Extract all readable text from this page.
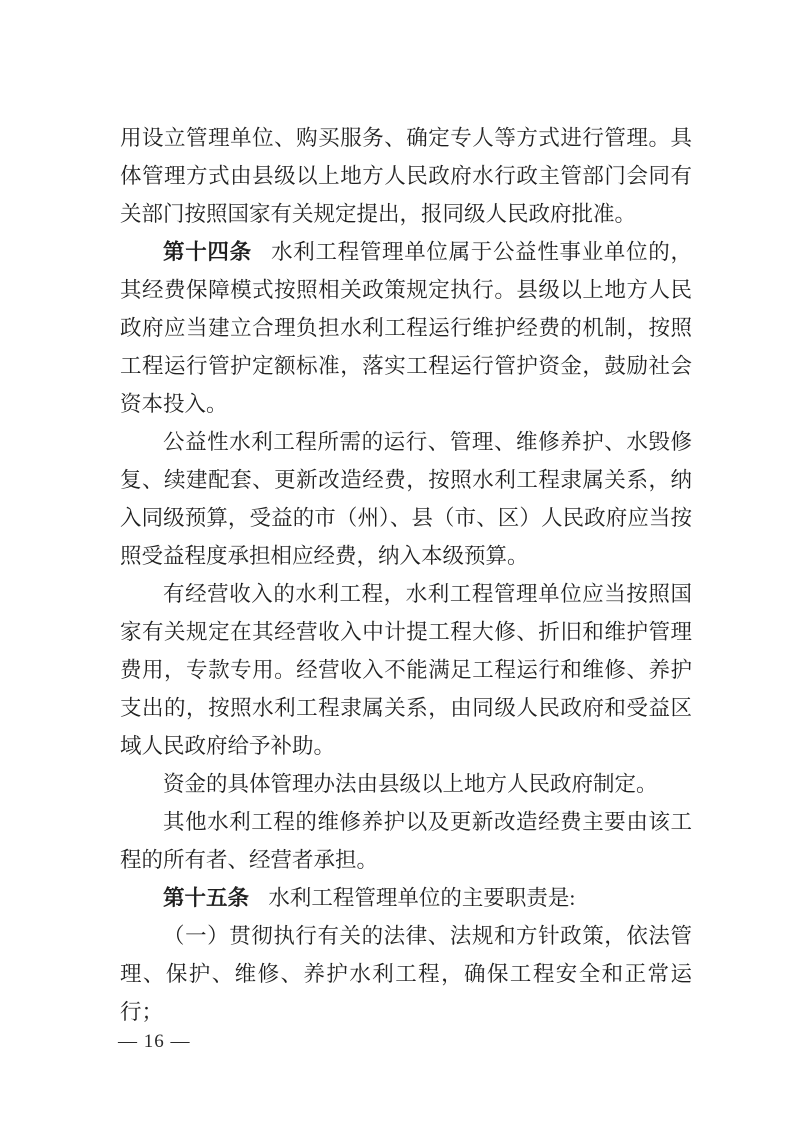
用设立管理单位、购买服务、确定专人等方式进行管理。具体管理方式由县级以上地方人民政府水行政主管部门会同有关部门按照国家有关规定提出，报同级人民政府批准。

第十四条 水利工程管理单位属于公益性事业单位的，其经费保障模式按照相关政策规定执行。县级以上地方人民政府应当建立合理负担水利工程运行维护经费的机制，按照工程运行管护定额标准，落实工程运行管护资金，鼓励社会资本投入。

公益性水利工程所需的运行、管理、维修养护、水毁修复、续建配套、更新改造经费，按照水利工程隶属关系，纳入同级预算，受益的市（州）、县（市、区）人民政府应当按照受益程度承担相应经费，纳入本级预算。

有经营收入的水利工程，水利工程管理单位应当按照国家有关规定在其经营收入中计提工程大修、折旧和维护管理费用，专款专用。经营收入不能满足工程运行和维修、养护支出的，按照水利工程隶属关系，由同级人民政府和受益区域人民政府给予补助。

资金的具体管理办法由县级以上地方人民政府制定。

其他水利工程的维修养护以及更新改造经费主要由该工程的所有者、经营者承担。

第十五条 水利工程管理单位的主要职责是:

（一）贯彻执行有关的法律、法规和方针政策，依法管理、保护、维修、养护水利工程，确保工程安全和正常运行；

— 16 —
